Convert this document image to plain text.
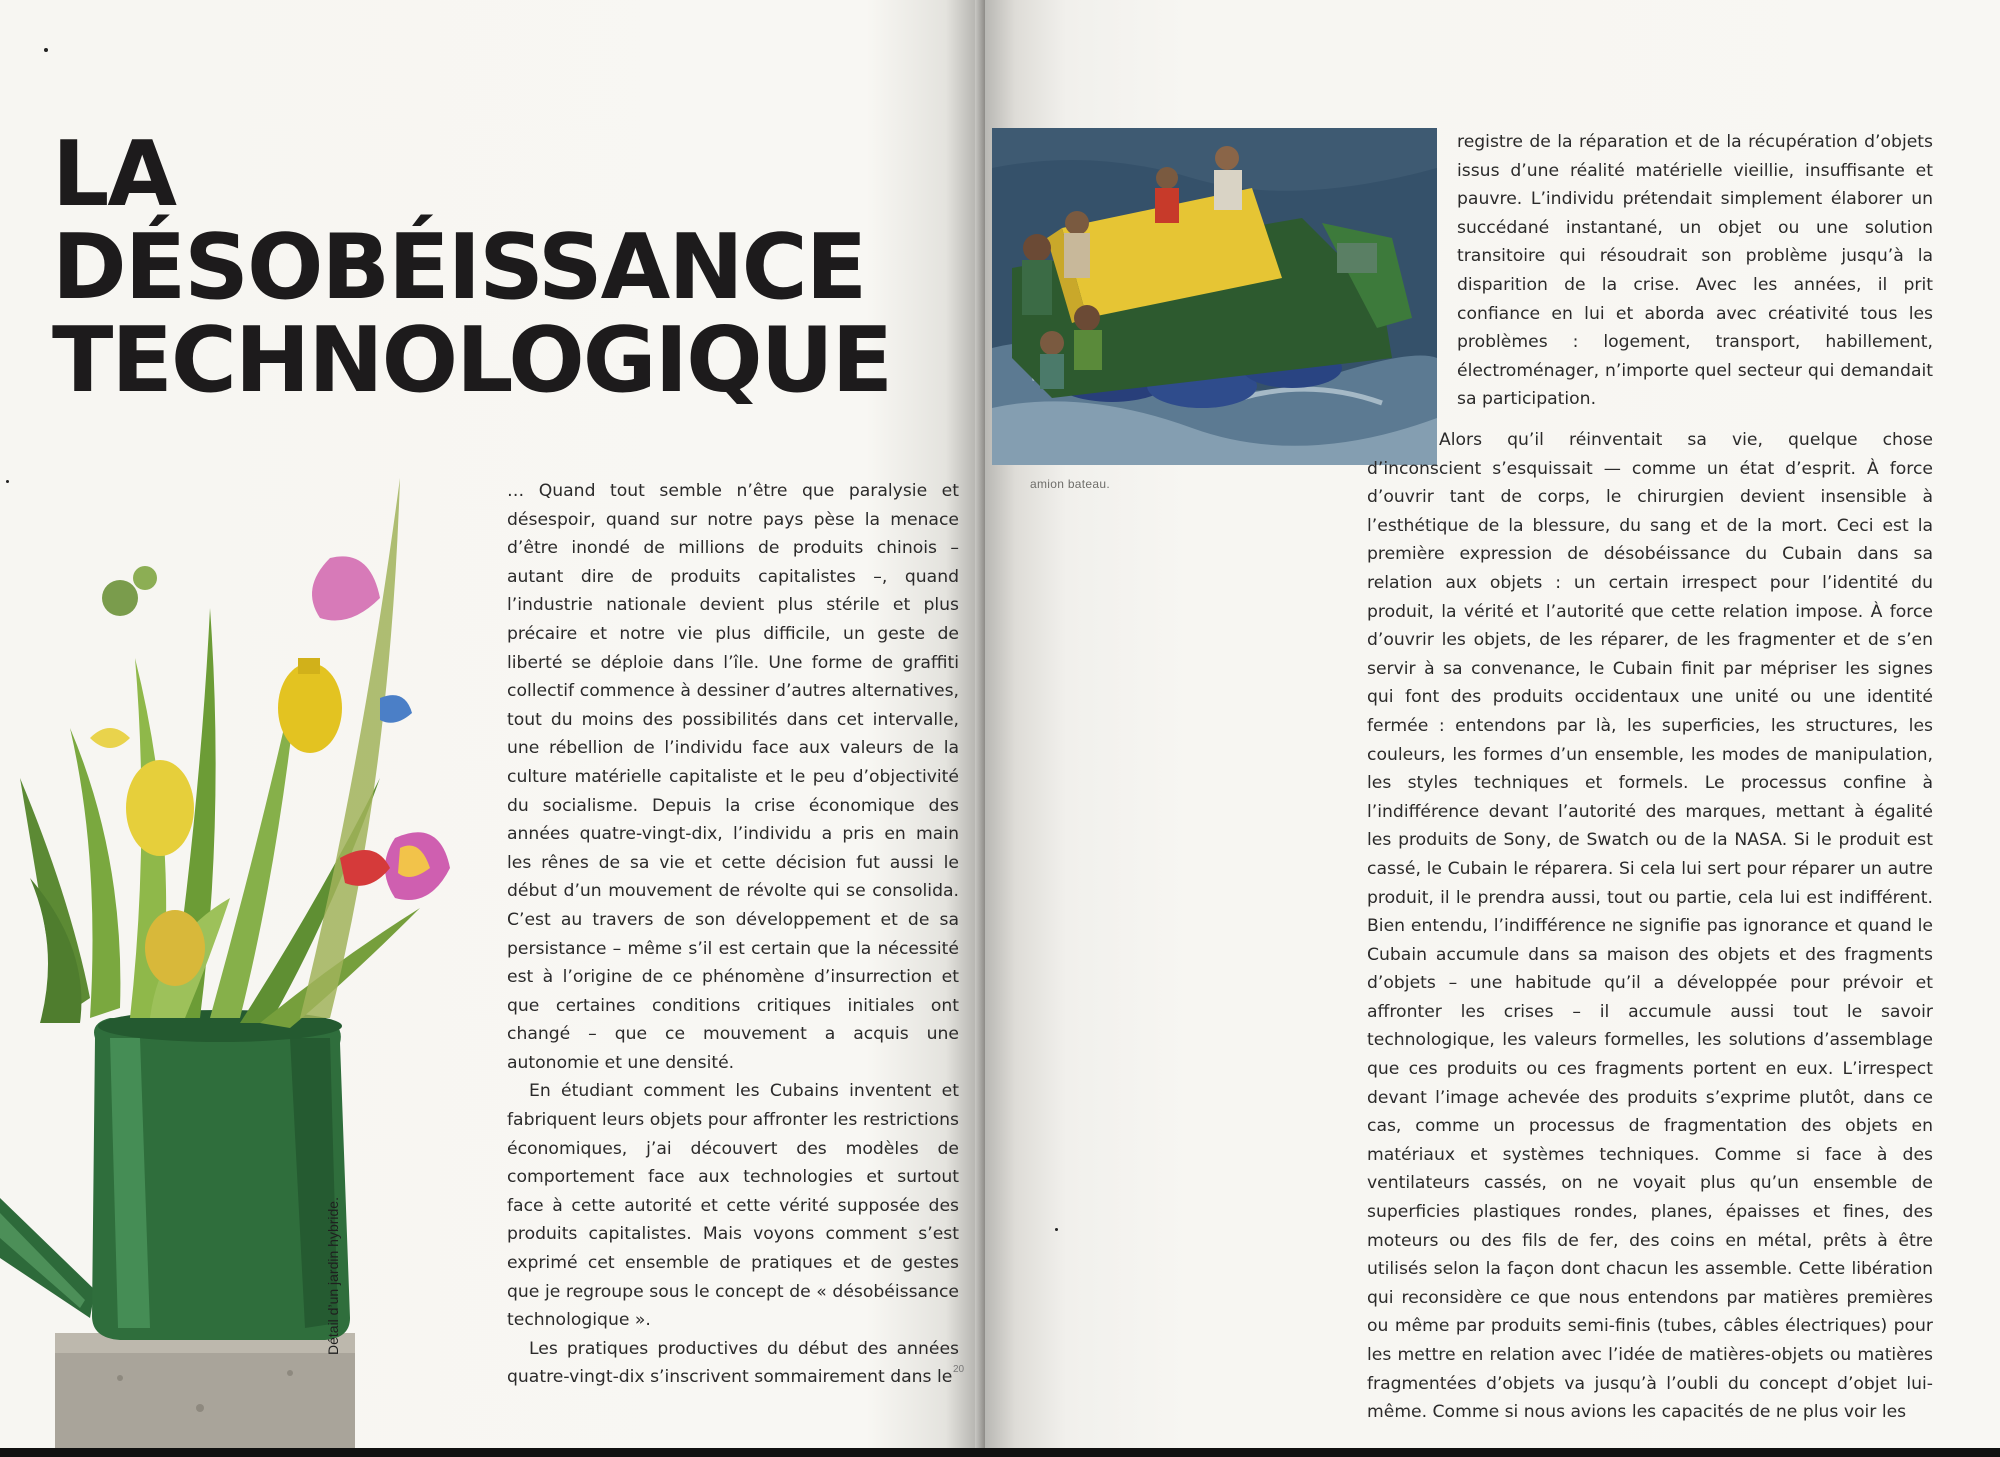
LA
DÉSOBÉISSANCE
TECHNOLOGIQUE
Détail d’un jardin hybride.

… Quand tout semble n’être que paralysie et désespoir, quand sur notre pays pèse la menace d’être inondé de millions de produits chinois – autant dire de produits capitalistes –, quand l’industrie nationale devient plus stérile et plus précaire et notre vie plus difficile, un geste de liberté se déploie dans l’île. Une forme de graffiti collectif commence à dessiner d’autres alternatives, tout du moins des possibilités dans cet intervalle, une rébellion de l’individu face aux valeurs de la culture matérielle capitaliste et le peu d’objectivité du socialisme. Depuis la crise économique des années quatre-vingt-dix, l’individu a pris en main les rênes de sa vie et cette décision fut aussi le début d’un mouvement de révolte qui se consolida. C’est au travers de son développement et de sa persistance – même s’il est certain que la nécessité est à l’origine de ce phénomène d’insurrection et que certaines conditions critiques initiales ont changé – que ce mouvement a acquis une autonomie et une densité.

En étudiant comment les Cubains inventent et fabriquent leurs objets pour affronter les restrictions économiques, j’ai découvert des modèles de comportement face aux technologies et surtout face à cette autorité et cette vérité supposée des produits capitalistes. Mais voyons comment s’est exprimé cet ensemble de pratiques et de gestes que je regroupe sous le concept de « désobéissance technologique ».

Les pratiques productives du début des années quatre-vingt-dix s’inscrivent sommairement dans le 20
amion bateau.

registre de la réparation et de la récupération d’objets issus d’une réalité matérielle vieillie, insuffisante et pauvre. L’individu prétendait simplement élaborer un succédané instantané, un objet ou une solution transitoire qui résoudrait son problème jusqu’à la disparition de la crise. Avec les années, il prit confiance en lui et aborda avec créativité tous les problèmes : logement, transport, habillement, électroménager, n’importe quel secteur qui demandait sa participation.

Alors qu’il réinventait sa vie, quelque chose d’inconscient s’esquissait — comme un état d’esprit. À force d’ouvrir tant de corps, le chirurgien devient insensible à l’esthétique de la blessure, du sang et de la mort. Ceci est la première expression de désobéissance du Cubain dans sa relation aux objets : un certain irrespect pour l’identité du produit, la vérité et l’autorité que cette relation impose. À force d’ouvrir les objets, de les réparer, de les fragmenter et de s’en servir à sa convenance, le Cubain finit par mépriser les signes qui font des produits occidentaux une unité ou une identité fermée : entendons par là, les superficies, les structures, les couleurs, les formes d’un ensemble, les modes de manipulation, les styles techniques et formels. Le processus confine à l’indifférence devant l’autorité des marques, mettant à égalité les produits de Sony, de Swatch ou de la NASA. Si le produit est cassé, le Cubain le réparera. Si cela lui sert pour réparer un autre produit, il le prendra aussi, tout ou partie, cela lui est indifférent. Bien entendu, l’indifférence ne signifie pas ignorance et quand le Cubain accumule dans sa maison des objets et des fragments d’objets – une habitude qu’il a développée pour prévoir et affronter les crises – il accumule aussi tout le savoir technologique, les valeurs formelles, les solutions d’assemblage que ces produits ou ces fragments portent en eux. L’irrespect devant l’image achevée des produits s’exprime plutôt, dans ce cas, comme un processus de fragmentation des objets en matériaux et systèmes techniques. Comme si face à des ventilateurs cassés, on ne voyait plus qu’un ensemble de superficies plastiques rondes, planes, épaisses et fines, des moteurs ou des fils de fer, des coins en métal, prêts à être utilisés selon la façon dont chacun les assemble. Cette libération qui reconsidère ce que nous entendons par matières premières ou même par produits semi-finis (tubes, câbles électriques) pour les mettre en relation avec l’idée de matières-objets ou matières fragmentées d’objets va jusqu’à l’oubli du concept d’objet lui-même. Comme si nous avions les capacités de ne plus voir les
